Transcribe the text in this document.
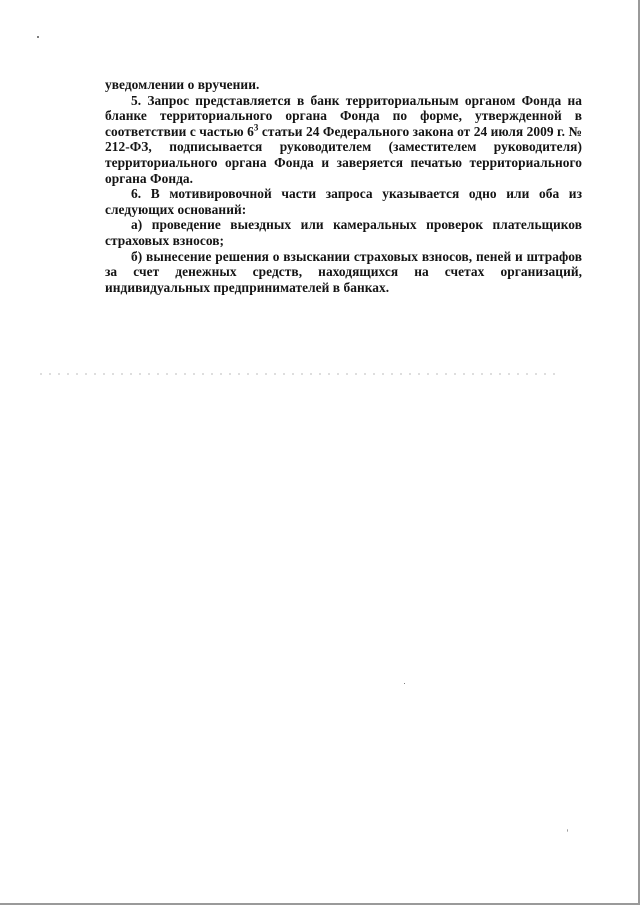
уведомлении о вручении.

5. Запрос представляется в банк территориальным органом Фонда на бланке территориального органа Фонда по форме, утвержденной в соответствии с частью $6^3$ статьи 24 Федерального закона от 24 июля 2009 г. № 212-ФЗ, подписывается руководителем (заместителем руководителя) территориального органа Фонда и заверяется печатью территориального органа Фонда.

6. В мотивировочной части запроса указывается одно или оба из следующих оснований:

а) проведение выездных или камеральных проверок плательщиков страховых взносов;

б) вынесение решения о взыскании страховых взносов, пеней и штрафов за счет денежных средств, находящихся на счетах организаций, индивидуальных предпринимателей в банках.
